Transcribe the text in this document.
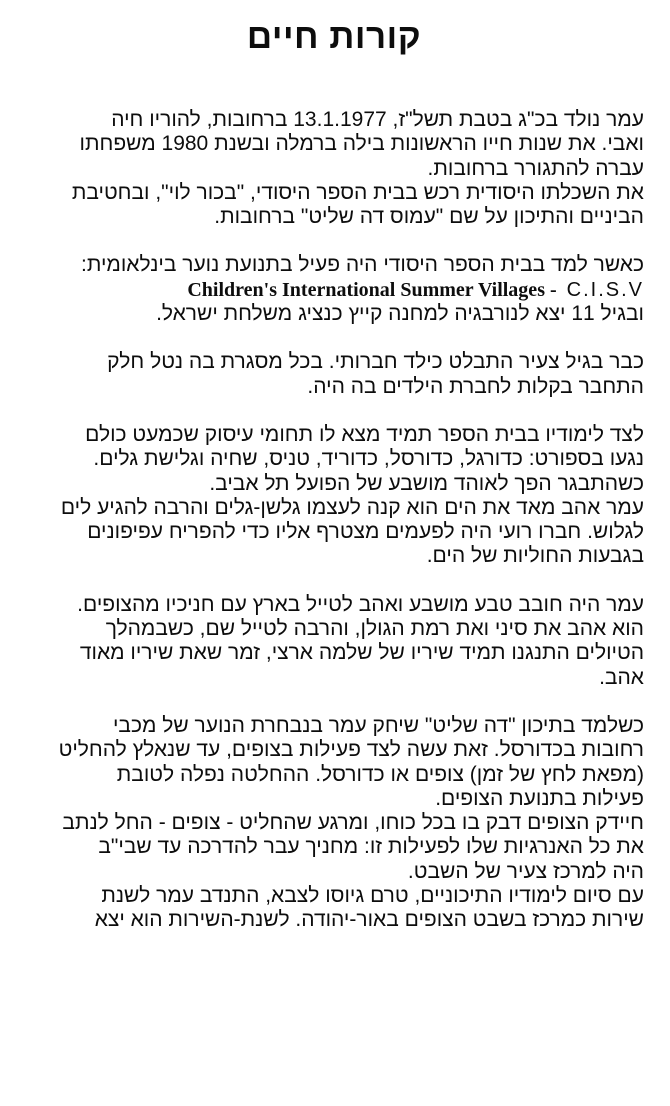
קורות חיים

עמר נולד בכ"ג בטבת תשל"ז, 13.1.1977 ברחובות, להוריו חיה
ואבי. את שנות חייו הראשונות בילה ברמלה ובשנת 1980 משפחתו
עברה להתגורר ברחובות.
את השכלתו היסודית רכש בבית הספר היסודי, "בכור לוי", ובחטיבת
הביניים והתיכון על שם "עמוס דה שליט" ברחובות.

כאשר למד בבית הספר היסודי היה פעיל בתנועת נוער בינלאומית:
Children's International Summer Villages - C.I.S.V
ובגיל 11 יצא לנורבגיה למחנה קייץ כנציג משלחת ישראל.

כבר בגיל צעיר התבלט כילד חברותי. בכל מסגרת בה נטל חלק
התחבר בקלות לחברת הילדים בה היה.

לצד לימודיו בבית הספר תמיד מצא לו תחומי עיסוק שכמעט כולם
נגעו בספורט: כדורגל, כדורסל, כדוריד, טניס, שחיה וגלישת גלים.
כשהתבגר הפך לאוהד מושבע של הפועל תל אביב.
עמר אהב מאד את הים הוא קנה לעצמו גלשן-גלים והרבה להגיע לים
לגלוש. חברו רועי היה לפעמים מצטרף אליו כדי להפריח עפיפונים
בגבעות החוליות של הים.

עמר היה חובב טבע מושבע ואהב לטייל בארץ עם חניכיו מהצופים.
הוא אהב את סיני ואת רמת הגולן, והרבה לטייל שם, כשבמהלך
הטיולים התנגנו תמיד שיריו של שלמה ארצי, זמר שאת שיריו מאוד
אהב.

כשלמד בתיכון "דה שליט" שיחק עמר בנבחרת הנוער של מכבי
רחובות בכדורסל. זאת עשה לצד פעילות בצופים, עד שנאלץ להחליט
(מפאת לחץ של זמן) צופים או כדורסל. ההחלטה נפלה לטובת
פעילות בתנועת הצופים.
חיידק הצופים דבק בו בכל כוחו, ומרגע שהחליט - צופים - החל לנתב
את כל האנרגיות שלו לפעילות זו: מחניך עבר להדרכה עד שבי"ב
היה למרכז צעיר של השבט.
עם סיום לימודיו התיכוניים, טרם גיוסו לצבא, התנדב עמר לשנת
שירות כמרכז בשבט הצופים באור-יהודה. לשנת-השירות הוא יצא
